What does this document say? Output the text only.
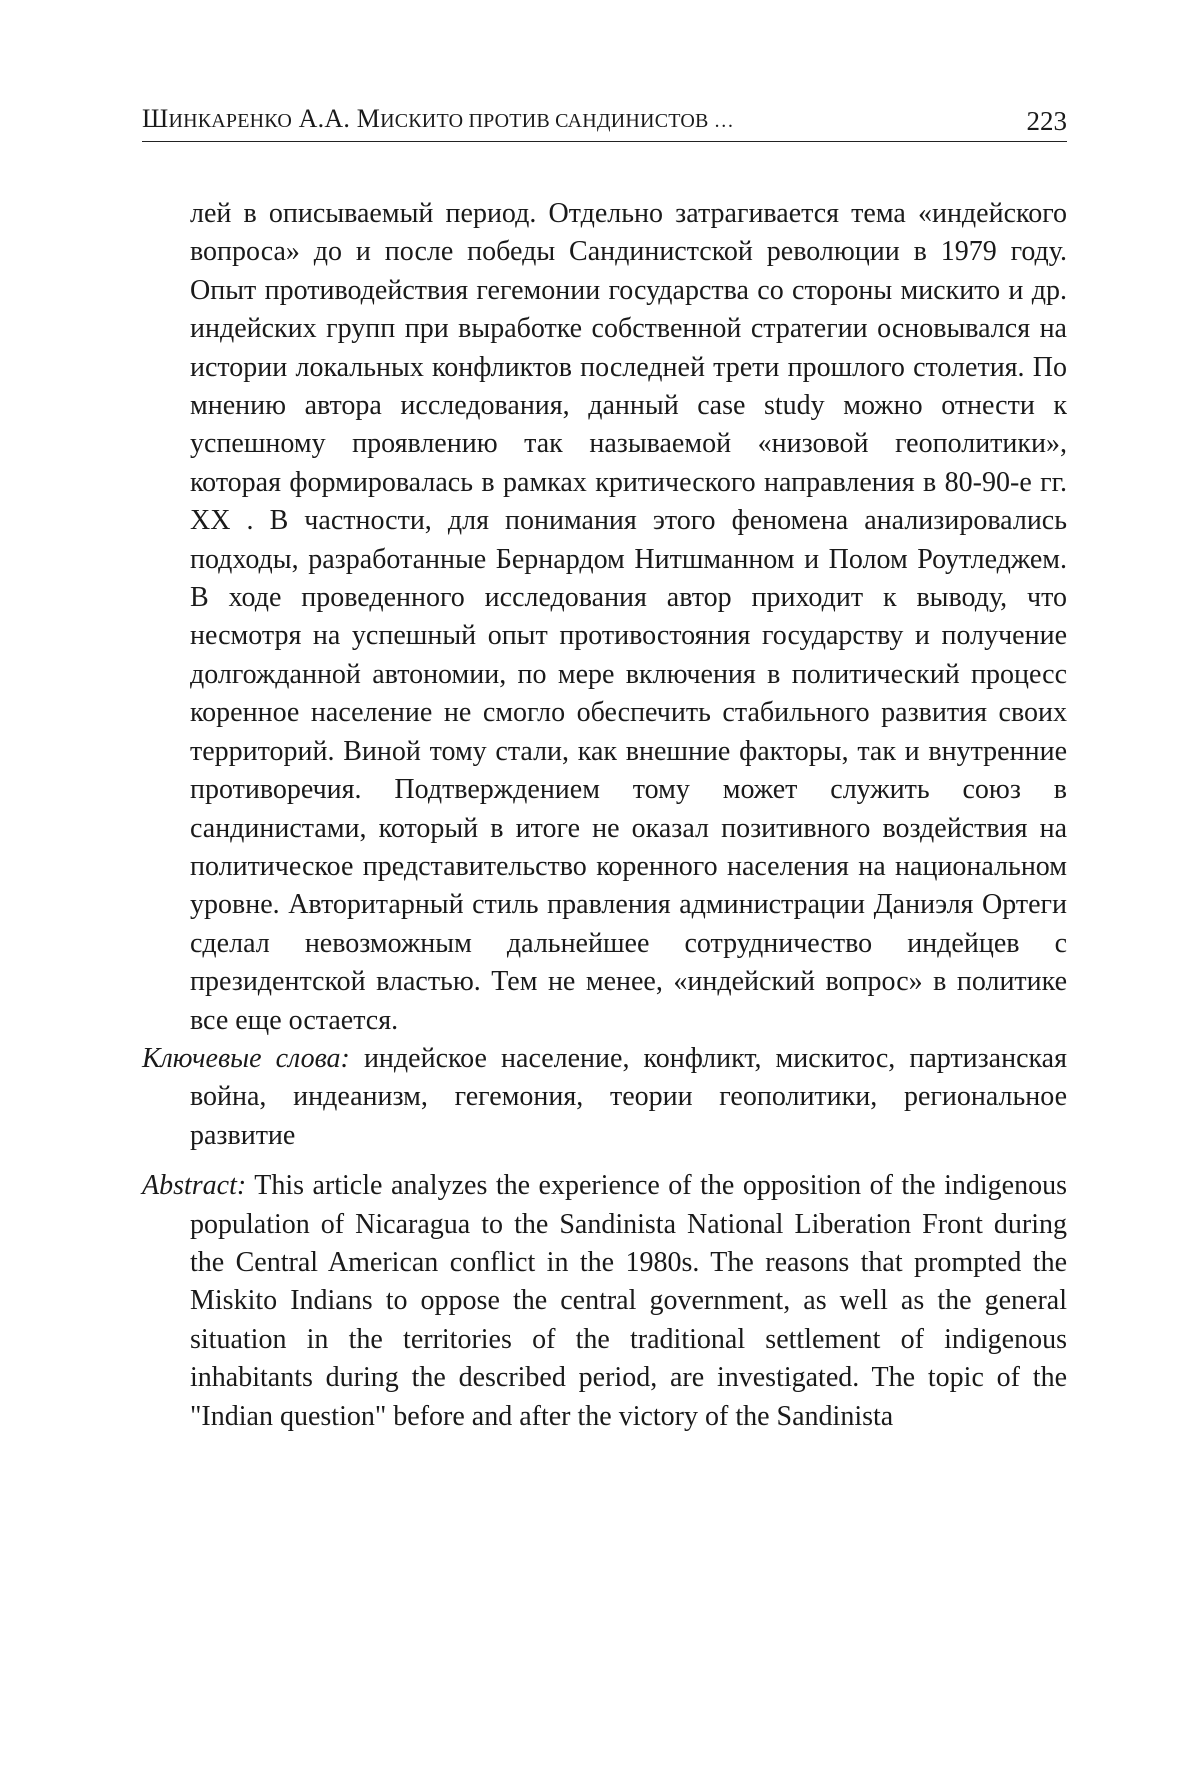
ШИНКАРЕНКО А.А. МИСКИТО ПРОТИВ САНДИНИСТОВ …	223

лей в описываемый период. Отдельно затрагивается тема «индейского вопроса» до и после победы Сандинистской революции в 1979 году. Опыт противодействия гегемонии государства со стороны мискито и др. индейских групп при выработке собственной стратегии основывался на истории локальных конфликтов последней трети прошлого столетия. По мнению автора исследования, данный case study можно отнести к успешному проявлению так называемой «низовой геополитики», которая формировалась в рамках критического направления в 80-90-е гг. XX . В частности, для понимания этого феномена анализировались подходы, разработанные Бернардом Нитшманном и Полом Роутледжем. В ходе проведенного исследования автор приходит к выводу, что несмотря на успешный опыт противостояния государству и получение долгожданной автономии, по мере включения в политический процесс коренное население не смогло обеспечить стабильного развития своих территорий. Виной тому стали, как внешние факторы, так и внутренние противоречия. Подтверждением тому может служить союз в сандинистами, который в итоге не оказал позитивного воздействия на политическое представительство коренного населения на национальном уровне. Авторитарный стиль правления администрации Даниэля Ортеги сделал невозможным дальнейшее сотрудничество индейцев с президентской властью. Тем не менее, «индейский вопрос» в политике все еще остается.

Ключевые слова: индейское население, конфликт, мискитос, партизанская война, индеанизм, гегемония, теории геополитики, региональное развитие

Abstract: This article analyzes the experience of the opposition of the indigenous population of Nicaragua to the Sandinista National Liberation Front during the Central American conflict in the 1980s. The reasons that prompted the Miskito Indians to oppose the central government, as well as the general situation in the territories of the traditional settlement of indigenous inhabitants during the described period, are investigated. The topic of the "Indian question" before and after the victory of the Sandinista
